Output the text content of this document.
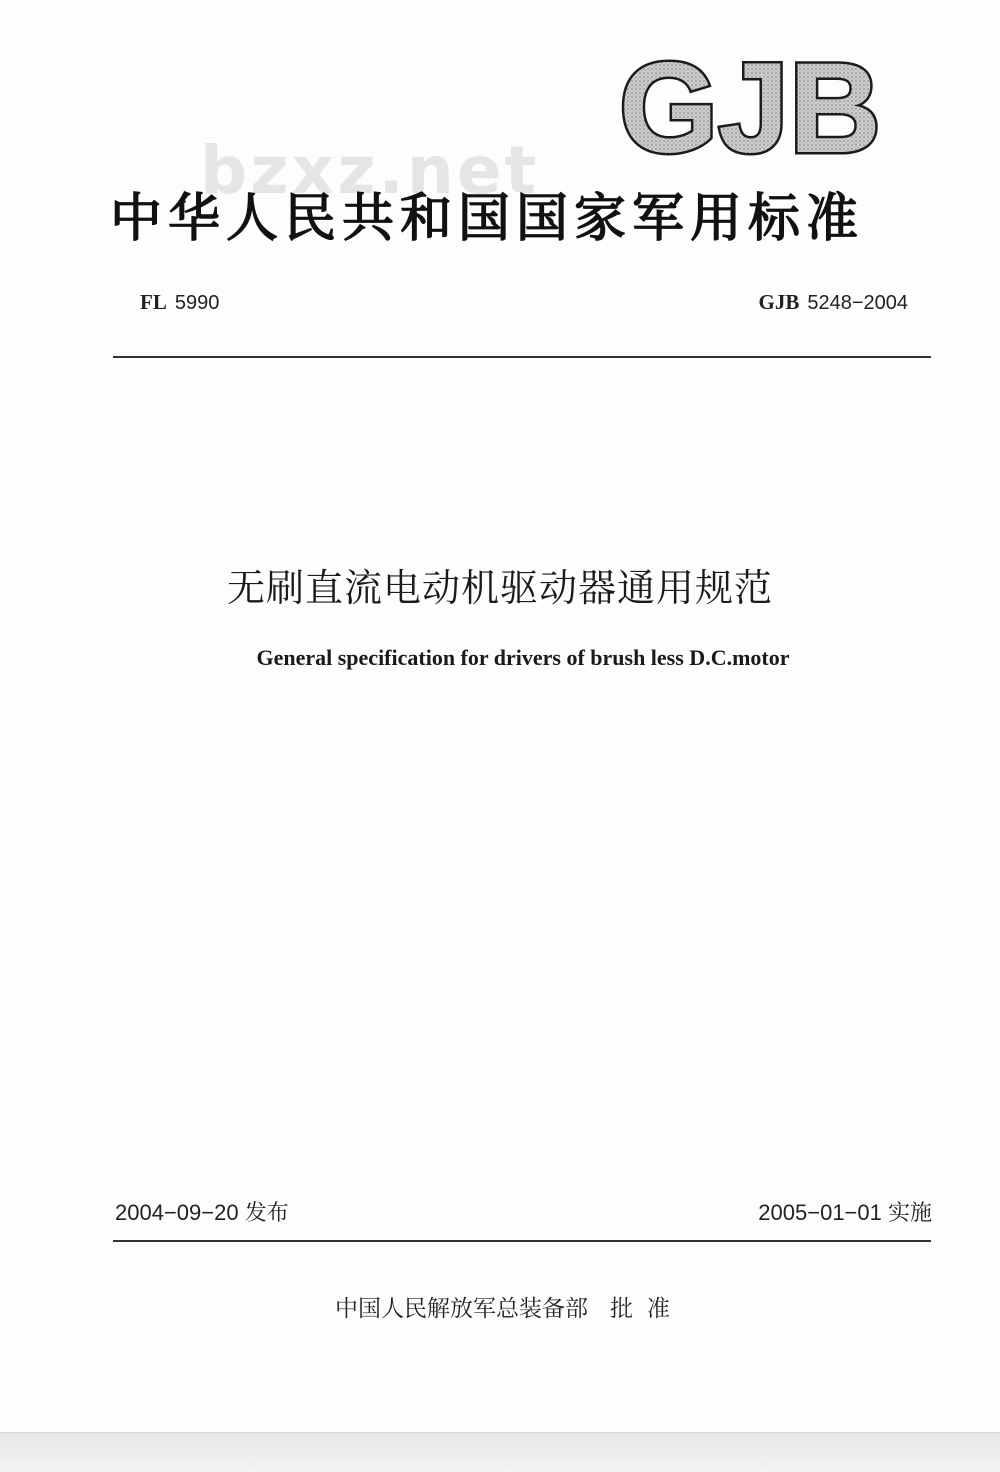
GJB
bzxz.net
中华人民共和国国家军用标准
FL 5990	GJB 5248−2004
无刷直流电动机驱动器通用规范
General specification for drivers of brush less D.C.motor
2004−09−20 发布	2005−01−01 实施
中国人民解放军总装备部 批准
